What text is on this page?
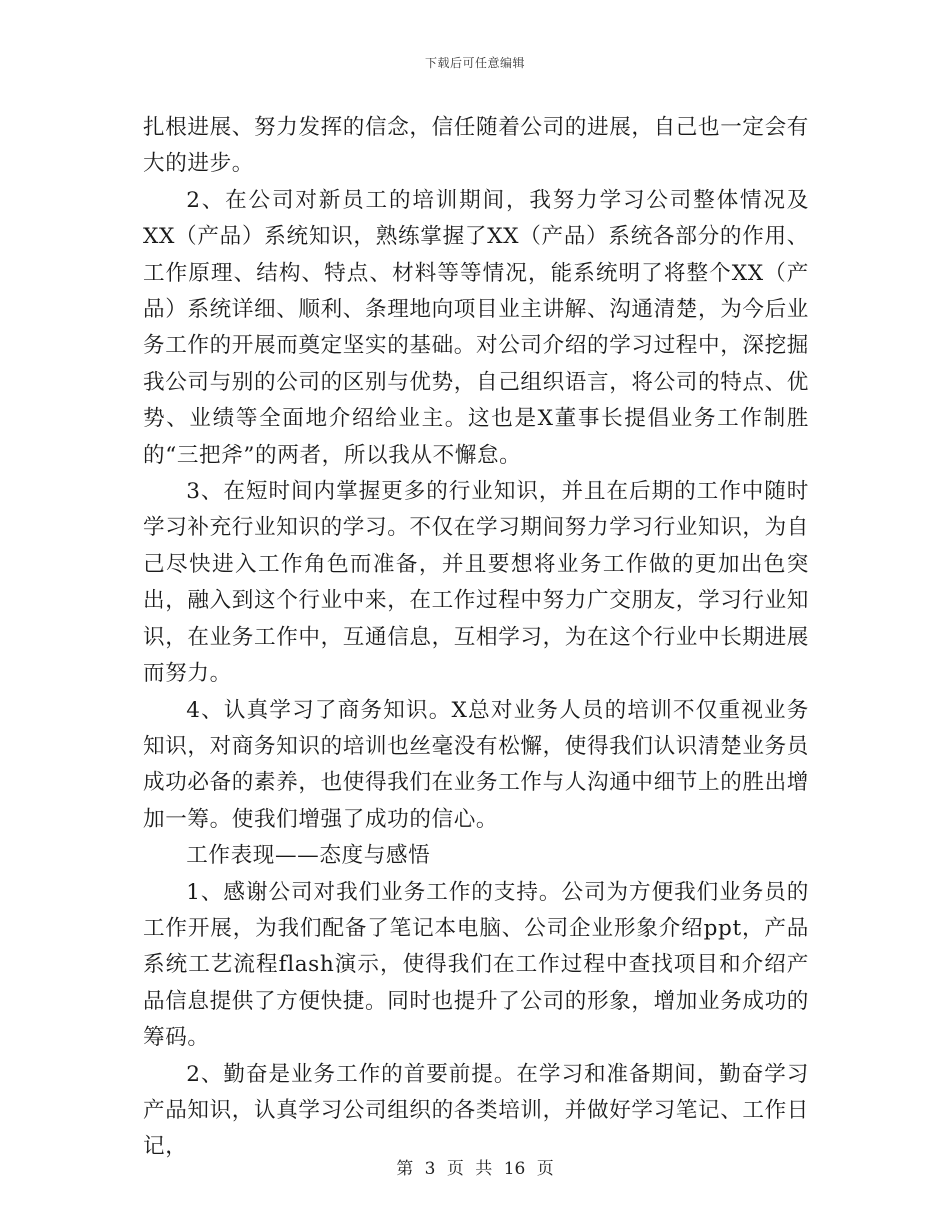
下载后可任意编辑

扎根进展、努力发挥的信念，信任随着公司的进展，自己也一定会有大的进步。

2、在公司对新员工的培训期间，我努力学习公司整体情况及XX（产品）系统知识，熟练掌握了XX（产品）系统各部分的作用、工作原理、结构、特点、材料等等情况，能系统明了将整个XX（产品）系统详细、顺利、条理地向项目业主讲解、沟通清楚，为今后业务工作的开展而奠定坚实的基础。对公司介绍的学习过程中，深挖掘我公司与别的公司的区别与优势，自己组织语言，将公司的特点、优势、业绩等全面地介绍给业主。这也是X董事长提倡业务工作制胜的“三把斧”的两者，所以我从不懈怠。

3、在短时间内掌握更多的行业知识，并且在后期的工作中随时学习补充行业知识的学习。不仅在学习期间努力学习行业知识，为自己尽快进入工作角色而准备，并且要想将业务工作做的更加出色突出，融入到这个行业中来，在工作过程中努力广交朋友，学习行业知识，在业务工作中，互通信息，互相学习，为在这个行业中长期进展而努力。

4、认真学习了商务知识。X总对业务人员的培训不仅重视业务知识，对商务知识的培训也丝毫没有松懈，使得我们认识清楚业务员成功必备的素养，也使得我们在业务工作与人沟通中细节上的胜出增加一筹。使我们增强了成功的信心。

工作表现——态度与感悟

1、感谢公司对我们业务工作的支持。公司为方便我们业务员的工作开展，为我们配备了笔记本电脑、公司企业形象介绍ppt，产品系统工艺流程flash演示，使得我们在工作过程中查找项目和介绍产品信息提供了方便快捷。同时也提升了公司的形象，增加业务成功的筹码。

2、勤奋是业务工作的首要前提。在学习和准备期间，勤奋学习产品知识，认真学习公司组织的各类培训，并做好学习笔记、工作日记，

第 3 页 共 16 页
